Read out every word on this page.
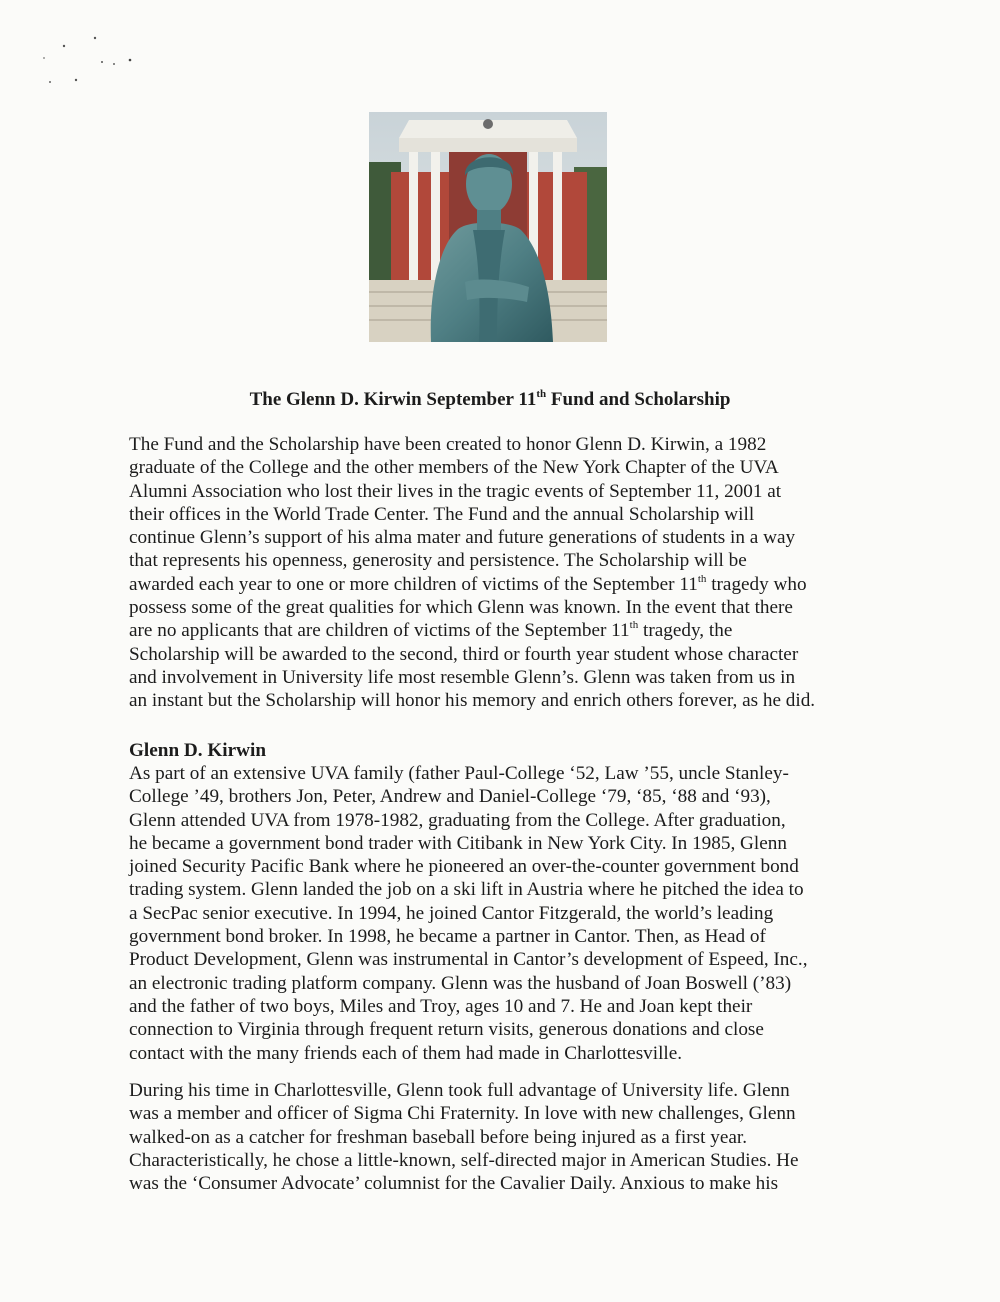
The Glenn D. Kirwin September 11th Fund and Scholarship

The Fund and the Scholarship have been created to honor Glenn D. Kirwin, a 1982
graduate of the College and the other members of the New York Chapter of the UVA
Alumni Association who lost their lives in the tragic events of September 11, 2001 at
their offices in the World Trade Center. The Fund and the annual Scholarship will
continue Glenn’s support of his alma mater and future generations of students in a way
that represents his openness, generosity and persistence. The Scholarship will be
awarded each year to one or more children of victims of the September 11th tragedy who
possess some of the great qualities for which Glenn was known. In the event that there
are no applicants that are children of victims of the September 11th tragedy, the
Scholarship will be awarded to the second, third or fourth year student whose character
and involvement in University life most resemble Glenn’s. Glenn was taken from us in
an instant but the Scholarship will honor his memory and enrich others forever, as he did.
Glenn D. Kirwin
As part of an extensive UVA family (father Paul-College ‘52, Law ’55, uncle Stanley-
College ’49, brothers Jon, Peter, Andrew and Daniel-College ‘79, ‘85, ‘88 and ‘93),
Glenn attended UVA from 1978-1982, graduating from the College. After graduation,
he became a government bond trader with Citibank in New York City. In 1985, Glenn
joined Security Pacific Bank where he pioneered an over-the-counter government bond
trading system. Glenn landed the job on a ski lift in Austria where he pitched the idea to
a SecPac senior executive. In 1994, he joined Cantor Fitzgerald, the world’s leading
government bond broker. In 1998, he became a partner in Cantor. Then, as Head of
Product Development, Glenn was instrumental in Cantor’s development of Espeed, Inc.,
an electronic trading platform company. Glenn was the husband of Joan Boswell (’83)
and the father of two boys, Miles and Troy, ages 10 and 7. He and Joan kept their
connection to Virginia through frequent return visits, generous donations and close
contact with the many friends each of them had made in Charlottesville.
During his time in Charlottesville, Glenn took full advantage of University life. Glenn
was a member and officer of Sigma Chi Fraternity. In love with new challenges, Glenn
walked-on as a catcher for freshman baseball before being injured as a first year.
Characteristically, he chose a little-known, self-directed major in American Studies. He
was the ‘Consumer Advocate’ columnist for the Cavalier Daily. Anxious to make his
